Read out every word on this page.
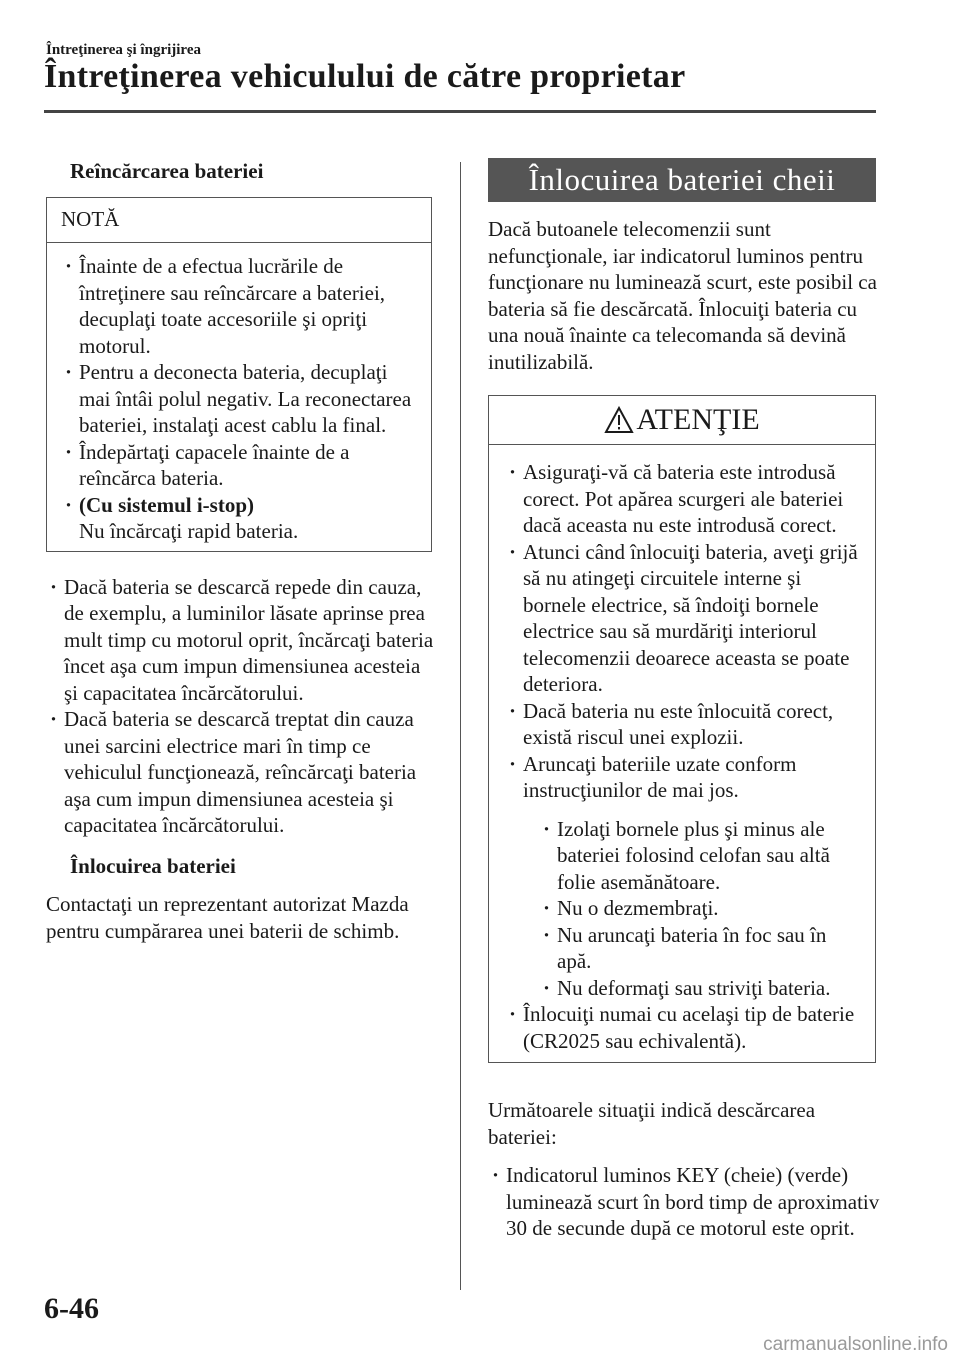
Întreţinerea şi îngrijirea
Întreţinerea vehiculului de către proprietar
Reîncărcarea bateriei
NOTĂ
· Înainte de a efectua lucrările de întreţinere sau reîncărcare a bateriei, decuplaţi toate accesoriile şi opriţi motorul.
· Pentru a deconecta bateria, decuplaţi mai întâi polul negativ. La reconectarea bateriei, instalaţi acest cablu la final.
· Îndepărtaţi capacele înainte de a reîncărca bateria.
· (Cu sistemul i-stop)
Nu încărcaţi rapid bateria.
· Dacă bateria se descarcă repede din cauza, de exemplu, a luminilor lăsate aprinse prea mult timp cu motorul oprit, încărcaţi bateria încet aşa cum impun dimensiunea acesteia şi capacitatea încărcătorului.
· Dacă bateria se descarcă treptat din cauza unei sarcini electrice mari în timp ce vehiculul funcţionează, reîncărcaţi bateria aşa cum impun dimensiunea acesteia şi capacitatea încărcătorului.
Înlocuirea bateriei

Contactaţi un reprezentant autorizat Mazda pentru cumpărarea unei baterii de schimb.

Înlocuirea bateriei cheii

Dacă butoanele telecomenzii sunt nefuncţionale, iar indicatorul luminos pentru funcţionare nu luminează scurt, este posibil ca bateria să fie descărcată. Înlocuiţi bateria cu una nouă înainte ca telecomanda să devină inutilizabilă.

ATENŢIE
· Asiguraţi-vă că bateria este introdusă corect. Pot apărea scurgeri ale bateriei dacă aceasta nu este introdusă corect.
· Atunci când înlocuiţi bateria, aveţi grijă să nu atingeţi circuitele interne şi bornele electrice, să îndoiţi bornele electrice sau să murdăriţi interiorul telecomenzii deoarece aceasta se poate deteriora.
· Dacă bateria nu este înlocuită corect, există riscul unei explozii.
· Aruncaţi bateriile uzate conform instrucţiunilor de mai jos.
· Izolaţi bornele plus şi minus ale bateriei folosind celofan sau altă folie asemănătoare.
· Nu o dezmembraţi.
· Nu aruncaţi bateria în foc sau în apă.
· Nu deformaţi sau striviţi bateria.
· Înlocuiţi numai cu acelaşi tip de baterie (CR2025 sau echivalentă).

Următoarele situaţii indică descărcarea bateriei:

· Indicatorul luminos KEY (cheie) (verde) luminează scurt în bord timp de aproximativ 30 de secunde după ce motorul este oprit.
6-46
carmanualsonline.info
